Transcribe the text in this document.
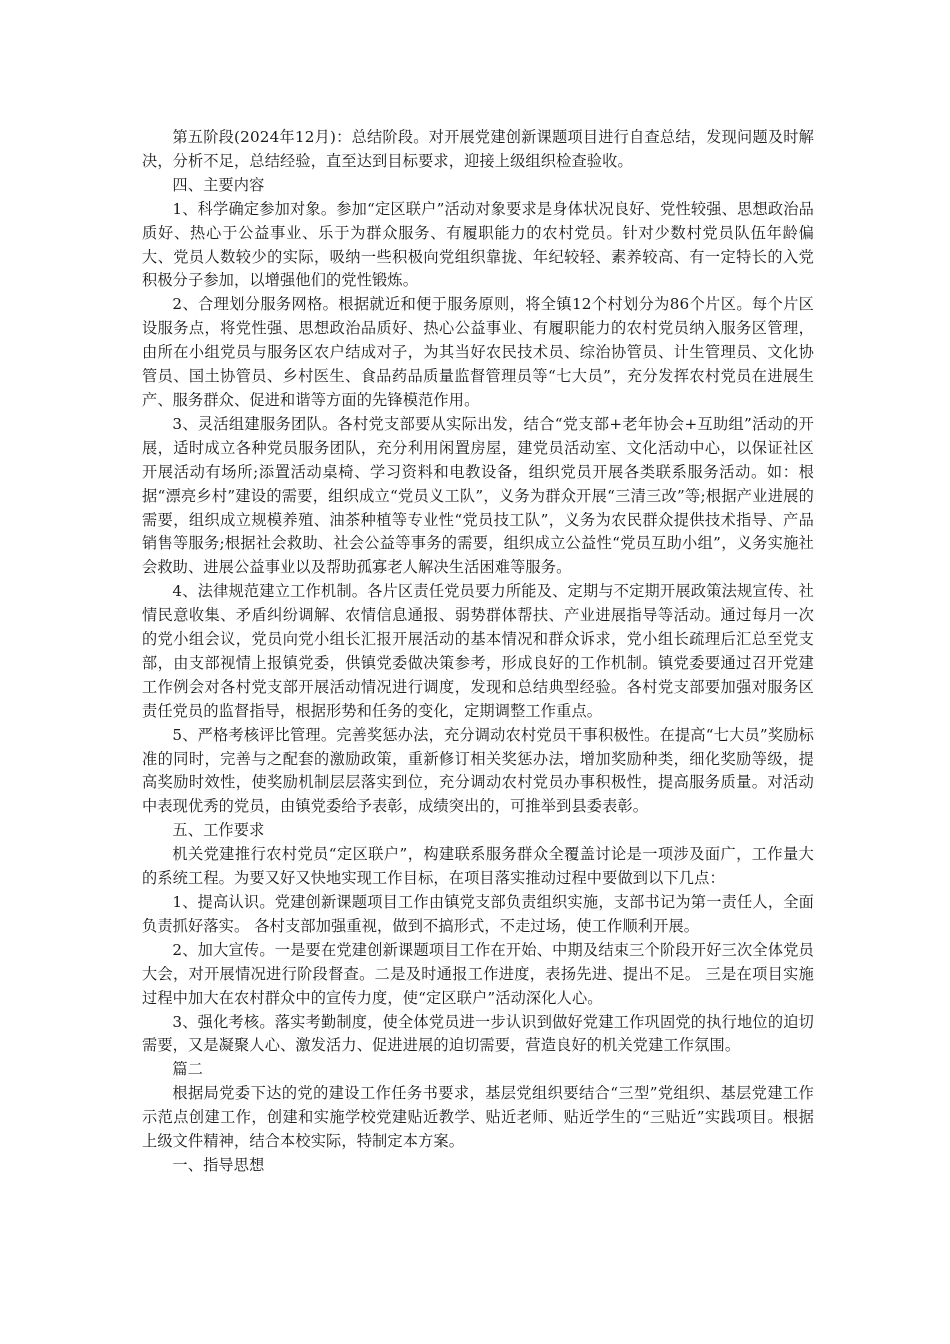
第五阶段(2024年12月)：总结阶段。对开展党建创新课题项目进行自查总结，发现问题及时解决，分析不足，总结经验，直至达到目标要求，迎接上级组织检查验收。

四、主要内容

1、科学确定参加对象。参加“定区联户”活动对象要求是身体状况良好、党性较强、思想政治品质好、热心于公益事业、乐于为群众服务、有履职能力的农村党员。针对少数村党员队伍年龄偏大、党员人数较少的实际，吸纳一些积极向党组织靠拢、年纪较轻、素养较高、有一定特长的入党积极分子参加，以增强他们的党性锻炼。

2、合理划分服务网格。根据就近和便于服务原则，将全镇12个村划分为86个片区。每个片区设服务点，将党性强、思想政治品质好、热心公益事业、有履职能力的农村党员纳入服务区管理，由所在小组党员与服务区农户结成对子，为其当好农民技术员、综治协管员、计生管理员、文化协管员、国土协管员、乡村医生、食品药品质量监督管理员等“七大员”，充分发挥农村党员在进展生产、服务群众、促进和谐等方面的先锋模范作用。

3、灵活组建服务团队。各村党支部要从实际出发，结合“党支部+老年协会+互助组”活动的开展，适时成立各种党员服务团队，充分利用闲置房屋，建党员活动室、文化活动中心，以保证社区开展活动有场所;添置活动桌椅、学习资料和电教设备，组织党员开展各类联系服务活动。如：根据“漂亮乡村”建设的需要，组织成立“党员义工队”，义务为群众开展“三清三改”等;根据产业进展的需要，组织成立规模养殖、油茶种植等专业性“党员技工队”，义务为农民群众提供技术指导、产品销售等服务;根据社会救助、社会公益等事务的需要，组织成立公益性“党员互助小组”，义务实施社会救助、进展公益事业以及帮助孤寡老人解决生活困难等服务。

4、法律规范建立工作机制。各片区责任党员要力所能及、定期与不定期开展政策法规宣传、社情民意收集、矛盾纠纷调解、农情信息通报、弱势群体帮扶、产业进展指导等活动。通过每月一次的党小组会议，党员向党小组长汇报开展活动的基本情况和群众诉求，党小组长疏理后汇总至党支部，由支部视情上报镇党委，供镇党委做决策参考，形成良好的工作机制。镇党委要通过召开党建工作例会对各村党支部开展活动情况进行调度，发现和总结典型经验。各村党支部要加强对服务区责任党员的监督指导，根据形势和任务的变化，定期调整工作重点。

5、严格考核评比管理。完善奖惩办法，充分调动农村党员干事积极性。在提高“七大员”奖励标准的同时，完善与之配套的激励政策，重新修订相关奖惩办法，增加奖励种类，细化奖励等级，提高奖励时效性，使奖励机制层层落实到位，充分调动农村党员办事积极性，提高服务质量。对活动中表现优秀的党员，由镇党委给予表彰，成绩突出的，可推举到县委表彰。

五、工作要求

机关党建推行农村党员“定区联户”，构建联系服务群众全覆盖讨论是一项涉及面广，工作量大的系统工程。为要又好又快地实现工作目标，在项目落实推动过程中要做到以下几点：

1、提高认识。党建创新课题项目工作由镇党支部负责组织实施，支部书记为第一责任人，全面负责抓好落实。 各村支部加强重视，做到不搞形式，不走过场，使工作顺利开展。

2、加大宣传。一是要在党建创新课题项目工作在开始、中期及结束三个阶段开好三次全体党员大会，对开展情况进行阶段督查。二是及时通报工作进度，表扬先进、提出不足。 三是在项目实施过程中加大在农村群众中的宣传力度，使“定区联户”活动深化人心。

3、强化考核。落实考勤制度，使全体党员进一步认识到做好党建工作巩固党的执行地位的迫切需要，又是凝聚人心、激发活力、促进进展的迫切需要，营造良好的机关党建工作氛围。

篇二

根据局党委下达的党的建设工作任务书要求，基层党组织要结合“三型”党组织、基层党建工作示范点创建工作，创建和实施学校党建贴近教学、贴近老师、贴近学生的“三贴近”实践项目。根据上级文件精神，结合本校实际，特制定本方案。

一、指导思想
